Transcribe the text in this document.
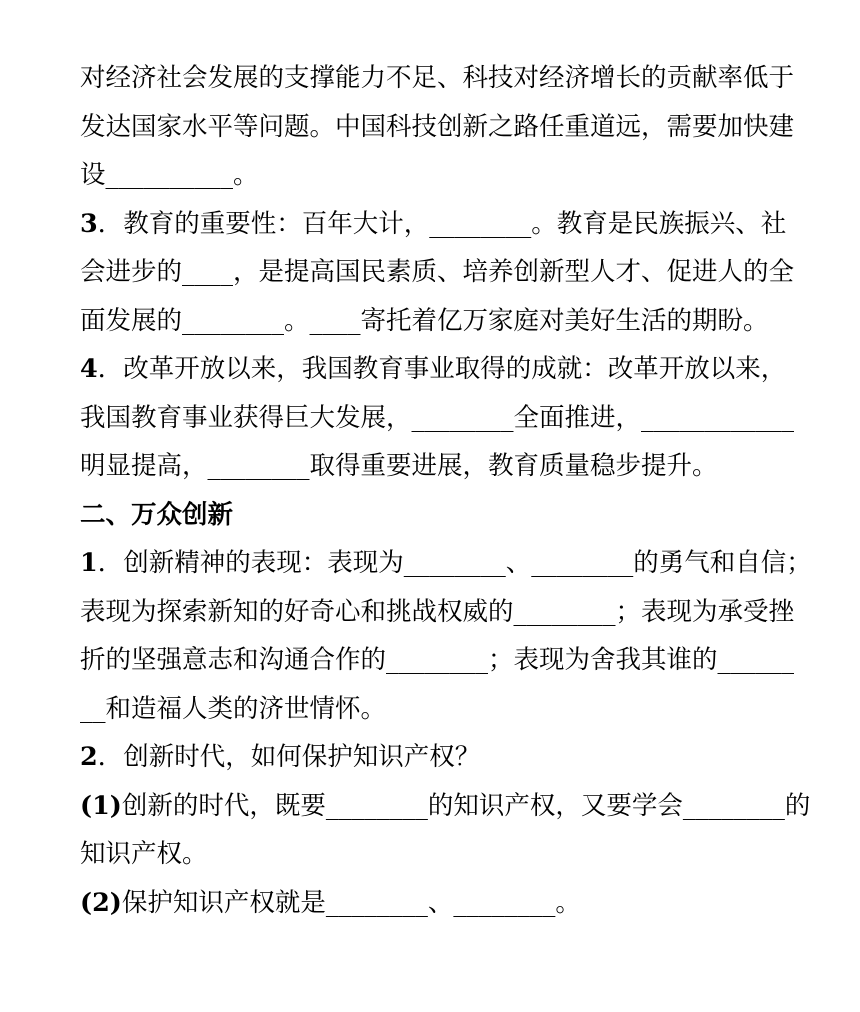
对经济社会发展的支撑能力不足、科技对经济增长的贡献率低于
发达国家水平等问题。中国科技创新之路任重道远，需要加快建
设__________。
3．教育的重要性：百年大计，________。教育是民族振兴、社
会进步的____，是提高国民素质、培养创新型人才、促进人的全
面发展的________。____寄托着亿万家庭对美好生活的期盼。
4．改革开放以来，我国教育事业取得的成就：改革开放以来，
我国教育事业获得巨大发展，________全面推进，____________
明显提高，________取得重要进展，教育质量稳步提升。
二、万众创新
1．创新精神的表现：表现为________、________的勇气和自信；
表现为探索新知的好奇心和挑战权威的________；表现为承受挫
折的坚强意志和沟通合作的________；表现为舍我其谁的______
__和造福人类的济世情怀。
2．创新时代，如何保护知识产权？
(1)创新的时代，既要________的知识产权，又要学会________的
知识产权。
(2)保护知识产权就是________、________。
